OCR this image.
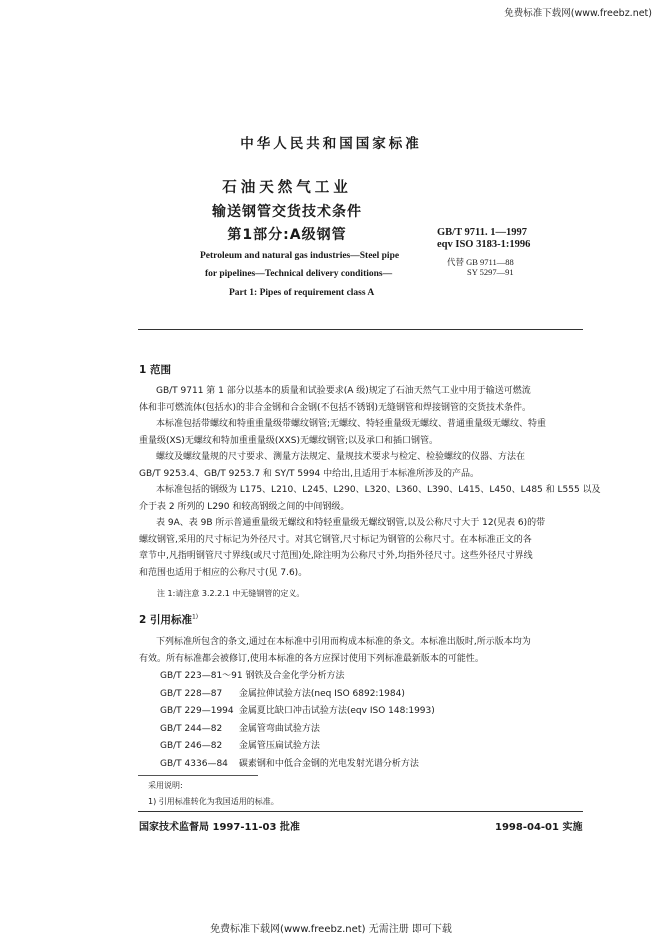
免费标准下载网(www.freebz.net)
中华人民共和国国家标准
石油天然气工业
输送钢管交货技术条件
第1部分:A级钢管	GB/T 9711. 1—1997
eqv ISO 3183-1:1996
代替 GB 9711—88
SY 5297—91
Petroleum and natural gas industries—Steel pipe
for pipelines—Technical delivery conditions—
Part 1: Pipes of requirement class A
1 范围

GB/T 9711 第 1 部分以基本的质量和试验要求(A 级)规定了石油天然气工业中用于输送可燃流

体和非可燃流体(包括水)的非合金钢和合金钢(不包括不锈钢)无缝钢管和焊接钢管的交货技术条件。

本标准包括带螺纹和特重重量级带螺纹钢管;无螺纹、特轻重量级无螺纹、普通重量级无螺纹、特重

重量级(XS)无螺纹和特加重重量级(XXS)无螺纹钢管;以及承口和插口钢管。

螺纹及螺纹量规的尺寸要求、测量方法规定、量规技术要求与检定、检验螺纹的仪器、方法在

GB/T 9253.4、GB/T 9253.7 和 SY/T 5994 中给出,且适用于本标准所涉及的产品。

本标准包括的钢级为 L175、L210、L245、L290、L320、L360、L390、L415、L450、L485 和 L555 以及

介于表 2 所列的 L290 和较高钢级之间的中间钢级。

表 9A、表 9B 所示普通重量级无螺纹和特轻重量级无螺纹钢管,以及公称尺寸大于 12(见表 6)的带

螺纹钢管,采用的尺寸标记为外径尺寸。对其它钢管,尺寸标记为钢管的公称尺寸。在本标准正文的各

章节中,凡指明钢管尺寸界线(或尺寸范围)处,除注明为公称尺寸外,均指外径尺寸。这些外径尺寸界线

和范围也适用于相应的公称尺寸(见 7.6)。

注 1:请注意 3.2.2.1 中无缝钢管的定义。
2 引用标准$^{1)}$

下列标准所包含的条文,通过在本标准中引用而构成本标准的条文。本标准出版时,所示版本均为

有效。所有标准都会被修订,使用本标准的各方应探讨使用下列标准最新版本的可能性。

GB/T 223—81～91 钢铁及合金化学分析方法
GB/T 228—87 金属拉伸试验方法(neq ISO 6892:1984)
GB/T 229—1994 金属夏比缺口冲击试验方法(eqv ISO 148:1993)
GB/T 244—82 金属管弯曲试验方法
GB/T 246—82 金属管压扁试验方法
GB/T 4336—84 碳素钢和中低合金钢的光电发射光谱分析方法
采用说明:
1) 引用标准转化为我国适用的标准。
国家技术监督局 1997-11-03 批准	1998-04-01 实施
免费标准下载网(www.freebz.net) 无需注册 即可下载
